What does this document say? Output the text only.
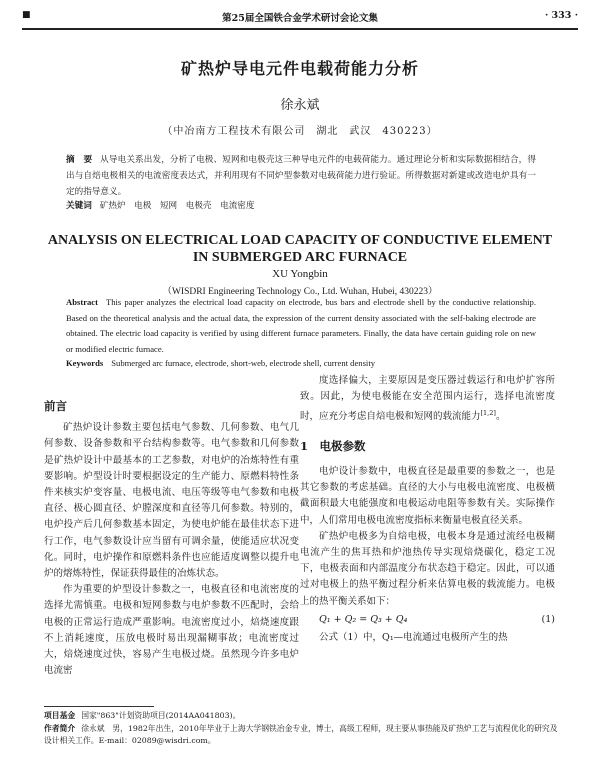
■	第25届全国铁合金学术研讨会论文集	· 333 ·
矿热炉导电元件电载荷能力分析
徐永斌
（中冶南方工程技术有限公司　湖北　武汉　430223）
摘　要 从导电关系出发，分析了电极、短网和电极壳这三种导电元件的电载荷能力。通过理论分析和实际数据相结合，得出与自焙电极相关的电流密度表达式，并利用现有不同炉型参数对电载荷能力进行验证。所得数据对新建或改造电炉具有一定的指导意义。
关键词 矿热炉　电极　短网　电极壳　电流密度
ANALYSIS ON ELECTRICAL LOAD CAPACITY OF CONDUCTIVE ELEMENT IN SUBMERGED ARC FURNACE
XU Yongbin
（WISDRI Engineering Technology Co., Ltd. Wuhan, Hubei, 430223）
Abstract This paper analyzes the electrical load capacity on electrode, bus bars and electrode shell by the conductive relationship. Based on the theoretical analysis and the actual data, the expression of the current density associated with the self-baking electrode are obtained. The electric load capacity is verified by using different furnace parameters. Finally, the data have certain guiding role on new or modified electric furnace.
Keywords Submerged arc furnace, electrode, short-web, electrode shell, current density
前言

矿热炉设计参数主要包括电气参数、几何参数、电气几何参数、设备参数和平台结构参数等。电气参数和几何参数是矿热炉设计中最基本的工艺参数，对电炉的冶炼特性有重要影响。炉型设计时要根据设定的生产能力、原燃料特性条件来核实炉变容量、电极电流、电压等级等电气参数和电极直径、极心圆直径、炉膛深度和直径等几何参数。特别的，电炉投产后几何参数基本固定，为使电炉能在最佳状态下进行工作，电气参数设计应当留有可调余量，使能适应状况变化。同时，电炉操作和原燃料条件也应能适度调整以提升电炉的熔炼特性，保证获得最佳的冶炼状态。

作为重要的炉型设计参数之一，电极直径和电流密度的选择尤需慎重。电极和短网参数与电炉参数不匹配时，会给电极的正常运行造成严重影响。电流密度过小，焙烧速度跟不上消耗速度，压放电极时易出现漏糊事故；电流密度过大，焙烧速度过快，容易产生电极过烧。虽然现今许多电炉电流密

度选择偏大，主要原因是变压器过载运行和电炉扩容所致。因此，为使电极能在安全范围内运行，选择电流密度时，应充分考虑自焙电极和短网的载流能力[1,2]。

1　电极参数

电炉设计参数中，电极直径是最重要的参数之一，也是其它参数的考虑基础。直径的大小与电极电流密度、电极横截面积最大电能强度和电极运动电阻等参数有关。实际操作中，人们常用电极电流密度指标来衡量电极直径关系。

矿热炉电极多为自焙电极，电极本身是通过流经电极糊电流产生的焦耳热和炉池热传导实现焙烧碳化，稳定工况下，电极表面和内部温度分布状态趋于稳定。因此，可以通过对电极上的热平衡过程分析来估算电极的载流能力。电极上的热平衡关系如下：

Q₁ + Q₂ = Q₃ + Q₄	(1)

公式（1）中，Q₁—电流通过电极所产生的热

项目基金 国家"863"计划资助项目(2014AA041803)。
作者简介 徐永斌　男，1982年出生，2010年毕业于上海大学钢铁冶金专业，博士，高级工程师，现主要从事热能及矿热炉工艺与流程优化的研究及设计相关工作。E-mail：02089@wisdri.com。
